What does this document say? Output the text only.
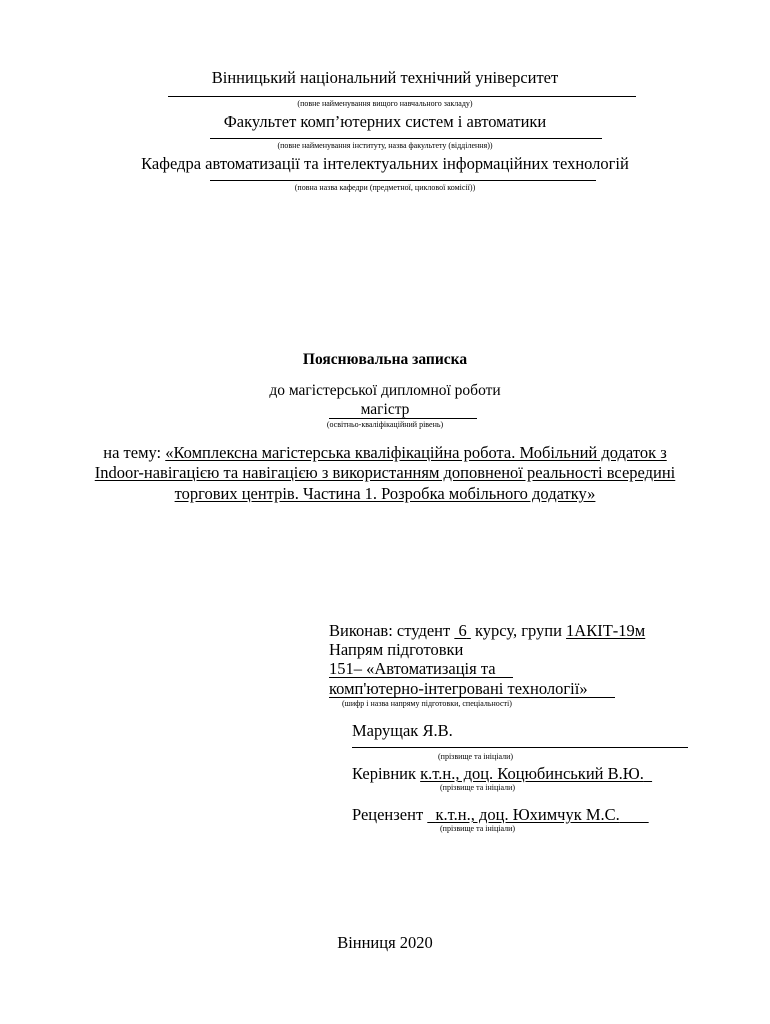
Вінницький національний технічний університет
(повне найменування вищого навчального закладу)
Факультет комп’ютерних систем і автоматики
(повне найменування інституту, назва факультету (відділення))
Кафедра автоматизації та інтелектуальних інформаційних технологій
(повна назва кафедри (предметної, циклової комісії))
Пояснювальна записка
до магістерської дипломної роботи
магістр
(освітньо-кваліфікаційний рівень)
на тему: «Комплексна магістерська кваліфікаційна робота. Мобільний додаток з
Indoor-навігацією та навігацією з використанням доповненої реальності всередині
торгових центрів. Частина 1. Розробка мобільного додатку»
Виконав: студент  6  курсу, групи 1АКІТ-19м
Напрям підготовки
151– «Автоматизація та
комп'ютерно-інтегровані технології»
(шифр і назва напряму підготовки, спеціальності)
Марущак Я.В.
(прізвище та ініціали)
Керівник к.т.н., доц. Коцюбинський В.Ю.
(прізвище та ініціали)
Рецензент   к.т.н., доц. Юхимчук М.С.
(прізвище та ініціали)
Вінниця 2020
